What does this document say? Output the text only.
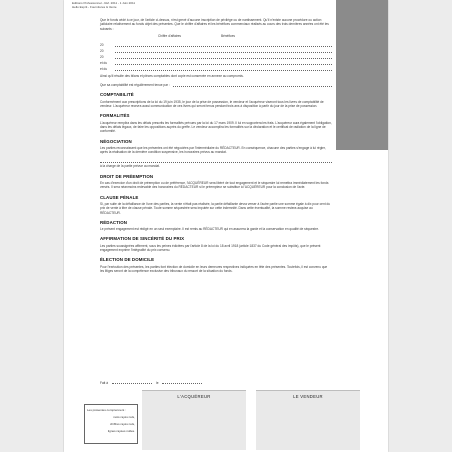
Editions Professionnel - Ref. 2011 - 1 Juin 2011
Hello Esprit - Fournitures & Vente

Que le fonds cédé à ce jour, de l'article ci-dessus, n'est grevé d'aucune inscription de privilège ou de nantissement. Qu'il n'existe aucune procédure ou action judiciaire relativement au fonds objet des présentes. Que le chiffre d'affaires et les bénéfices commerciaux réalisés au cours des trois dernières années ont été les suivants :

Chiffre d'affaires	Bénéfices
20
20
20
et du
et du

Ainsi qu'il résulte des bilans et pièces comptables dont copie est conservée en annexe au compromis.

Que sa comptabilité est régulièrement tenue par :
COMPTABILITÉ

Conformément aux prescriptions de la loi du 19 juin 1935, le jour de la prise de possession, le vendeur et l'acquéreur viseront tous les livres de comptabilité de vendeur. L'acquéreur recevra aussi communication de ces livres qui seront tenus pendant trois ans à disposition à partir du jour de la prise de possession.

FORMALITÉS

L'acquéreur remplira dans les délais prescrits les formalités prévues par la loi du 17 mars 1909. Il lui en supportera les frais. L'acquéreur aura également l'obligation, dans les délais légaux, de faire les oppositions auprès du greffe. Le vendeur accomplira les formalités sur la déclaration et le certificat de radiation de la ligne de conformité.

NÉGOCIATION

Les parties reconnaissent que les présentes ont été négociées par l'intermédiaire du RÉDACTEUR. En conséquence, chacune des parties s'engage à lui régler, après la réalisation de la dernière condition suspensive, les honoraires prévus au mandat.

à la charge de la partie prévue au mandat.

DROIT DE PRÉEMPTION

En cas d'exercice d'un droit de préemption ou de préférence, l'ACQUÉREUR sera libéré de tout engagement et le séquestre lui remettra immédiatement les fonds versés. Il sera néanmoins redevable des honoraires du RÉDACTEUR si le préempteur se substitue à l'ACQUÉREUR pour la conclusion de l'acte.

CLAUSE PÉNALE

Si, par suite de la défaillance de l'une des parties, la vente n'était pas réalisée, la partie défaillante devra verser à l'autre partie une somme égale à dix pour cent du prix de vente à titre de clause pénale. Toute somme séquestrée sera imputée sur cette indemnité. Dans cette éventualité, la somme restera acquise au RÉDACTEUR.

RÉDACTION

Le présent engagement est rédigé en un seul exemplaire. Il est remis au RÉDACTEUR qui en assurera la garde et la conservation en qualité de séquestre.

AFFIRMATION DE SINCÉRITÉ DU PRIX

Les parties soussignées affirment, sous les peines édictées par l'article 8 de la loi du 18 avril 1918 (article 1837 du Code général des impôts), que le présent engagement exprime l'intégralité du prix convenu.

ÉLECTION DE DOMICILE

Pour l'exécution des présentes, les parties font élection de domicile en leurs demeures respectives indiquées en tête des présentes. Toutefois, il est convenu que les litiges seront de la compétence exclusive des tribunaux du ressort de la situation du fonds.

Fait à	le
Les présentes comprennent :
mots rayés nuls,
chiffres rayés nuls,
lignes rayées nulles.
L'ACQUÉREUR	LE VENDEUR
